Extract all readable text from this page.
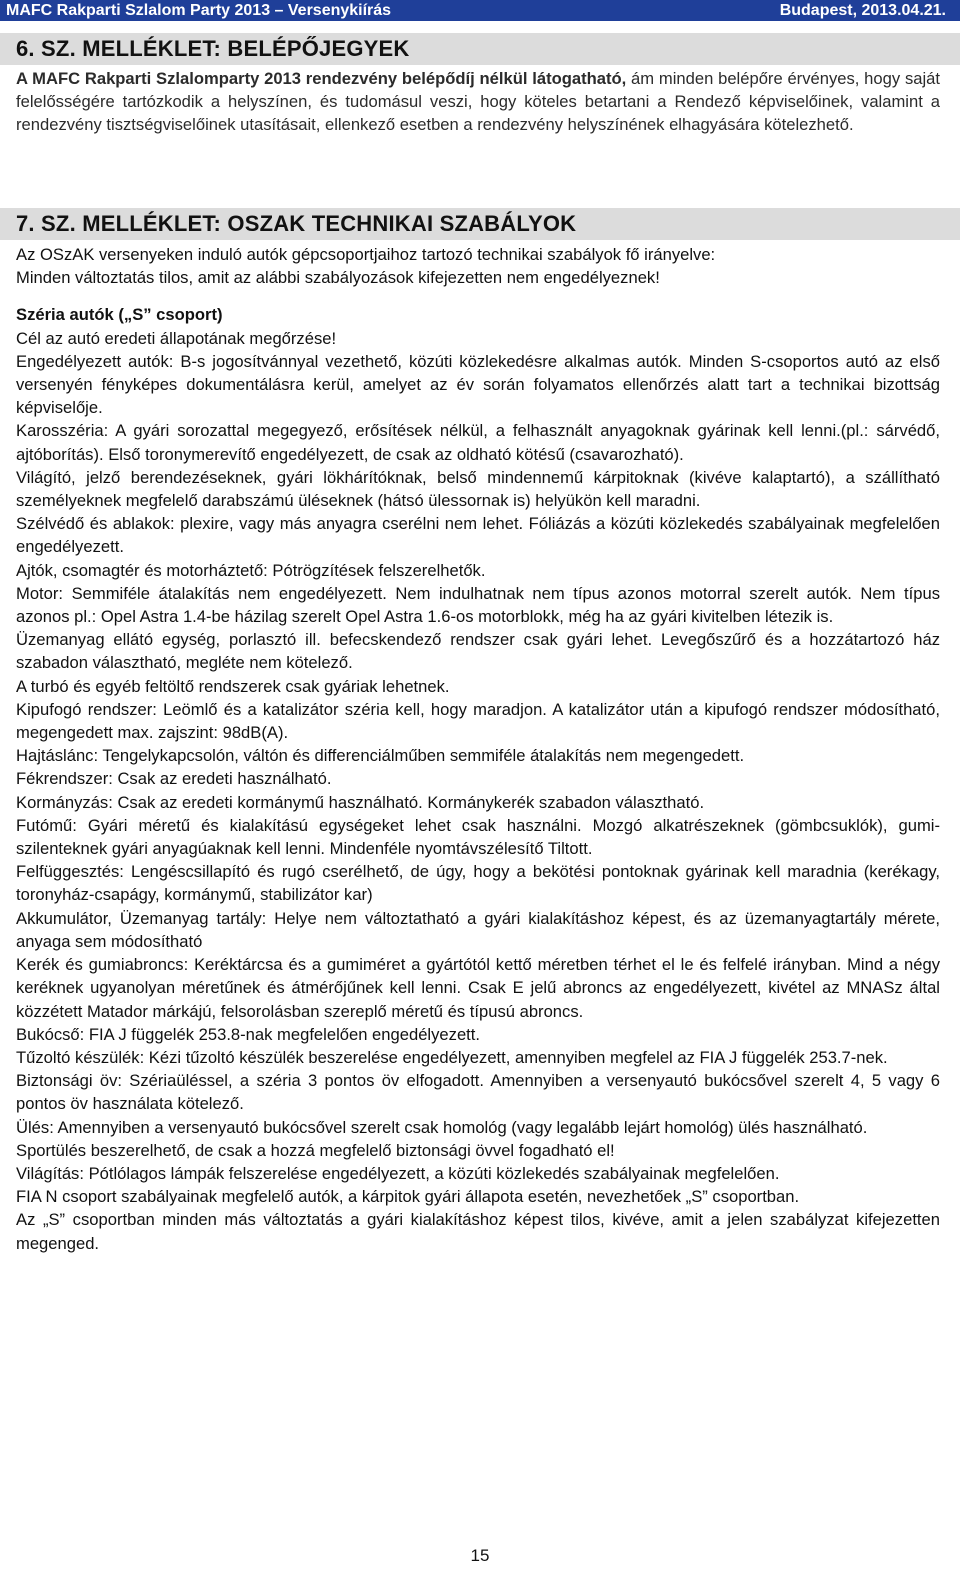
MAFC Rakparti Szlalom Party 2013 – Versenykiírás	Budapest, 2013.04.21.
6. SZ. MELLÉKLET: BELÉPŐJEGYEK

A MAFC Rakparti Szlalomparty 2013 rendezvény belépődíj nélkül látogatható, ám minden belépőre érvényes, hogy saját felelősségére tartózkodik a helyszínen, és tudomásul veszi, hogy köteles betartani a Rendező képviselőinek, valamint a rendezvény tisztségviselőinek utasításait, ellenkező esetben a rendezvény helyszínének elhagyására kötelezhető.

7. SZ. MELLÉKLET: OSZAK TECHNIKAI SZABÁLYOK

Az OSzAK versenyeken induló autók gépcsoportjaihoz tartozó technikai szabályok fő irányelve:

Minden változtatás tilos, amit az alábbi szabályozások kifejezetten nem engedélyeznek!

Széria autók („S” csoport)

Cél az autó eredeti állapotának megőrzése!

Engedélyezett autók: B-s jogosítvánnyal vezethető, közúti közlekedésre alkalmas autók. Minden S-csoportos autó az első versenyén fényképes dokumentálásra kerül, amelyet az év során folyamatos ellenőrzés alatt tart a technikai bizottság képviselője.

Karosszéria: A gyári sorozattal megegyező, erősítések nélkül, a felhasznált anyagoknak gyárinak kell lenni.(pl.: sárvédő, ajtóborítás). Első toronymerevítő engedélyezett, de csak az oldható kötésű (csavarozható).

Világító, jelző berendezéseknek, gyári lökhárítóknak, belső mindennemű kárpitoknak (kivéve kalaptartó), a szállítható személyeknek megfelelő darabszámú üléseknek (hátsó ülessornak is) helyükön kell maradni.

Szélvédő és ablakok: plexire, vagy más anyagra cserélni nem lehet. Fóliázás a közúti közlekedés szabályainak megfelelően engedélyezett.

Ajtók, csomagtér és motorháztető: Pótrögzítések felszerelhetők.

Motor: Semmiféle átalakítás nem engedélyezett. Nem indulhatnak nem típus azonos motorral szerelt autók. Nem típus azonos pl.: Opel Astra 1.4-be házilag szerelt Opel Astra 1.6-os motorblokk, még ha az gyári kivitelben létezik is.

Üzemanyag ellátó egység, porlasztó ill. befecskendező rendszer csak gyári lehet. Levegőszűrő és a hozzátartozó ház szabadon választható, megléte nem kötelező.

A turbó és egyéb feltöltő rendszerek csak gyáriak lehetnek.

Kipufogó rendszer: Leömlő és a katalizátor széria kell, hogy maradjon. A katalizátor után a kipufogó rendszer módosítható, megengedett max. zajszint: 98dB(A).

Hajtáslánc: Tengelykapcsolón, váltón és differenciálműben semmiféle átalakítás nem megengedett.

Fékrendszer: Csak az eredeti használható.

Kormányzás: Csak az eredeti kormánymű használható. Kormánykerék szabadon választható.

Futómű: Gyári méretű és kialakítású egységeket lehet csak használni. Mozgó alkatrészeknek (gömbcsuklók), gumi-szilenteknek gyári anyagúaknak kell lenni. Mindenféle nyomtávszélesítő Tiltott.

Felfüggesztés: Lengéscsillapító és rugó cserélhető, de úgy, hogy a bekötési pontoknak gyárinak kell maradnia (kerékagy, toronyház-csapágy, kormánymű, stabilizátor kar)

Akkumulátor, Üzemanyag tartály: Helye nem változtatható a gyári kialakításhoz képest, és az üzemanyagtartály mérete, anyaga sem módosítható

Kerék és gumiabroncs: Keréktárcsa és a gumiméret a gyártótól kettő méretben térhet el le és felfelé irányban. Mind a négy keréknek ugyanolyan méretűnek és átmérőjűnek kell lenni. Csak E jelű abroncs az engedélyezett, kivétel az MNASz által közzétett Matador márkájú, felsorolásban szereplő méretű és típusú abroncs.

Bukócső: FIA J függelék 253.8-nak megfelelően engedélyezett.

Tűzoltó készülék: Kézi tűzoltó készülék beszerelése engedélyezett, amennyiben megfelel az FIA J függelék 253.7-nek.

Biztonsági öv: Szériaüléssel, a széria 3 pontos öv elfogadott. Amennyiben a versenyautó bukócsővel szerelt 4, 5 vagy 6 pontos öv használata kötelező.

Ülés: Amennyiben a versenyautó bukócsővel szerelt csak homológ (vagy legalább lejárt homológ) ülés használható.

Sportülés beszerelhető, de csak a hozzá megfelelő biztonsági övvel fogadható el!

Világítás: Pótlólagos lámpák felszerelése engedélyezett, a közúti közlekedés szabályainak megfelelően.

FIA N csoport szabályainak megfelelő autók, a kárpitok gyári állapota esetén, nevezhetőek „S” csoportban.

Az „S” csoportban minden más változtatás a gyári kialakításhoz képest tilos, kivéve, amit a jelen szabályzat kifejezetten megenged.

15
